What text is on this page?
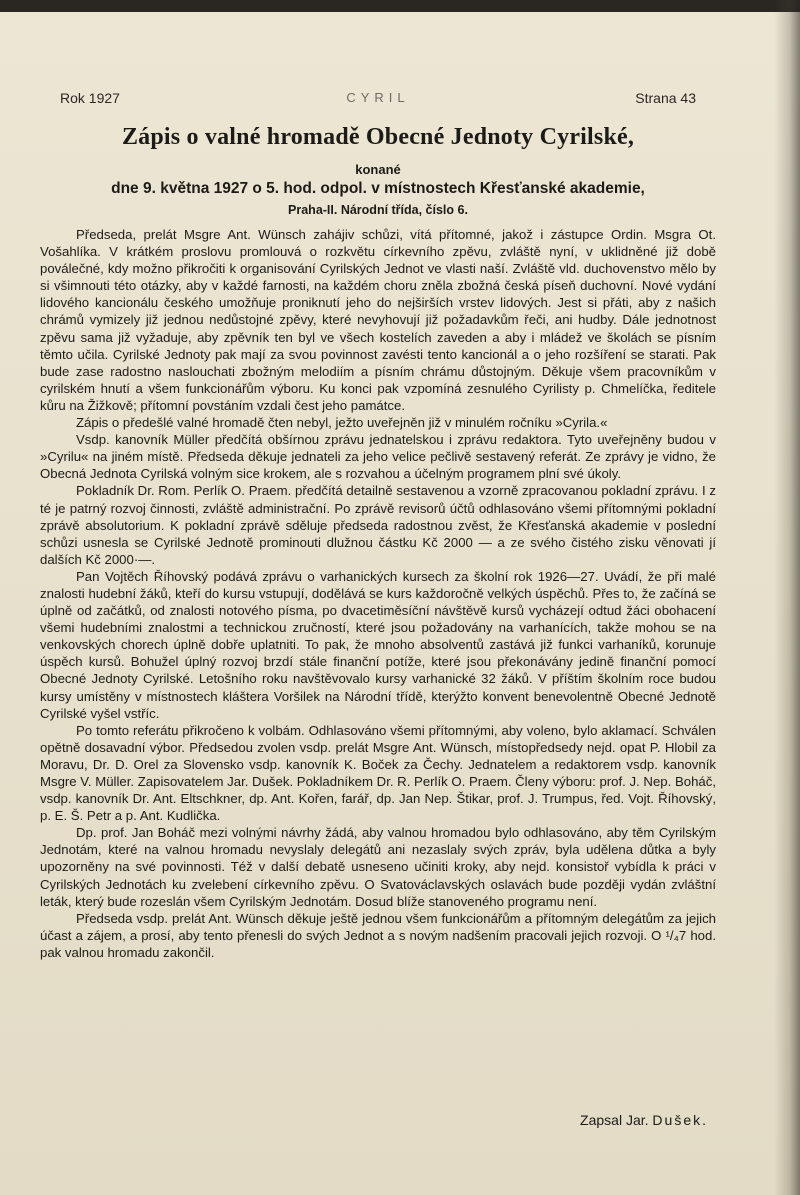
Rok 1927	CYRIL	Strana 43
Zápis o valné hromadě Obecné Jednoty Cyrilské,
konané
dne 9. května 1927 o 5. hod. odpol. v místnostech Křesťanské akademie,
Praha-II. Národní třída, číslo 6.

Předseda, prelát Msgre Ant. Wünsch zahájiv schůzi, vítá přítomné, jakož i zástupce Ordin. Msgra Ot. Vošahlíka. V krátkém proslovu promlouvá o rozkvětu církevního zpěvu, zvláště nyní, v uklidněné již době poválečné, kdy možno přikročiti k organisování Cyrilských Jednot ve vlasti naší. Zvláště vld. duchovenstvo mělo by si všimnouti této otázky, aby v každé farnosti, na každém choru zněla zbožná česká píseň duchovní. Nové vydání lidového kancionálu českého umožňuje proniknutí jeho do nejširších vrstev lidových. Jest si přáti, aby z našich chrámů vymizely již jednou nedůstojné zpěvy, které nevyhovují již požadavkům řeči, ani hudby. Dále jednotnost zpěvu sama již vyžaduje, aby zpěvník ten byl ve všech kostelích zaveden a aby i mládež ve školách se písním těmto učila. Cyrilské Jednoty pak mají za svou povinnost zavésti tento kancionál a o jeho rozšíření se starati. Pak bude zase radostno naslouchati zbožným melodiím a písním chrámu důstojným. Děkuje všem pracovníkům v cyrilském hnutí a všem funkcionářům výboru. Ku konci pak vzpomíná zesnulého Cyrilisty p. Chmelíčka, ředitele kůru na Žižkově; přítomní povstáním vzdali čest jeho památce.

Zápis o předešlé valné hromadě čten nebyl, ježto uveřejněn již v minulém ročníku »Cyrila.«

Vsdp. kanovník Müller předčítá obšírnou zprávu jednatelskou i zprávu redaktora. Tyto uveřejněny budou v »Cyrilu« na jiném místě. Předseda děkuje jednateli za jeho velice pečlivě sestavený referát. Ze zprávy je vidno, že Obecná Jednota Cyrilská volným sice krokem, ale s rozvahou a účelným programem plní své úkoly.

Pokladník Dr. Rom. Perlík O. Praem. předčítá detailně sestavenou a vzorně zpracovanou pokladní zprávu. I z té je patrný rozvoj činnosti, zvláště administrační. Po zprávě revisorů účtů odhlasováno všemi přítomnými pokladní zprávě absolutorium. K pokladní zprávě sděluje předseda radostnou zvěst, že Křesťanská akademie v poslední schůzi usnesla se Cyrilské Jednotě prominouti dlužnou částku Kč 2000 — a ze svého čistého zisku věnovati jí dalších Kč 2000·—.

Pan Vojtěch Říhovský podává zprávu o varhanických kursech za školní rok 1926—27. Uvádí, že při malé znalosti hudební žáků, kteří do kursu vstupují, dodělává se kurs každoročně velkých úspěchů. Přes to, že začíná se úplně od začátků, od znalosti notového písma, po dvacetiměsíční návštěvě kursů vycházejí odtud žáci obohacení všemi hudebními znalostmi a technickou zručností, které jsou požadovány na varhanících, takže mohou se na venkovských chorech úplně dobře uplatniti. To pak, že mnoho absolventů zastává již funkci varhaníků, korunuje úspěch kursů. Bohužel úplný rozvoj brzdí stále finanční potíže, které jsou překonávány jedině finanční pomocí Obecné Jednoty Cyrilské. Letošního roku navštěvovalo kursy varhanické 32 žáků. V příštím školním roce budou kursy umístěny v místnostech kláštera Voršilek na Národní třídě, kterýžto konvent benevolentně Obecné Jednotě Cyrilské vyšel vstříc.

Po tomto referátu přikročeno k volbám. Odhlasováno všemi přítomnými, aby voleno, bylo aklamací. Schválen opětně dosavadní výbor. Předsedou zvolen vsdp. prelát Msgre Ant. Wünsch, místopředsedy nejd. opat P. Hlobil za Moravu, Dr. D. Orel za Slovensko vsdp. kanovník K. Boček za Čechy. Jednatelem a redaktorem vsdp. kanovník Msgre V. Müller. Zapisovatelem Jar. Dušek. Pokladníkem Dr. R. Perlík O. Praem. Členy výboru: prof. J. Nep. Boháč, vsdp. kanovník Dr. Ant. Eltschkner, dp. Ant. Kořen, farář, dp. Jan Nep. Štikar, prof. J. Trumpus, řed. Vojt. Říhovský, p. E. Š. Petr a p. Ant. Kudlička.

Dp. prof. Jan Boháč mezi volnými návrhy žádá, aby valnou hromadou bylo odhlasováno, aby těm Cyrilským Jednotám, které na valnou hromadu nevyslaly delegátů ani nezaslaly svých zpráv, byla udělena důtka a byly upozorněny na své povinnosti. Též v další debatě usneseno učiniti kroky, aby nejd. konsistoř vybídla k práci v Cyrilských Jednotách ku zvelebení církevního zpěvu. O Svatováclavských oslavách bude později vydán zvláštní leták, který bude rozeslán všem Cyrilským Jednotám. Dosud blíže stanoveného programu není.

Předseda vsdp. prelát Ant. Wünsch děkuje ještě jednou všem funkcionářům a přítomným delegátům za jejich účast a zájem, a prosí, aby tento přenesli do svých Jednot a s novým nadšením pracovali jejich rozvoji. O ¹/₄7 hod. pak valnou hromadu zakončil.

Zapsal Jar. Dušek.
